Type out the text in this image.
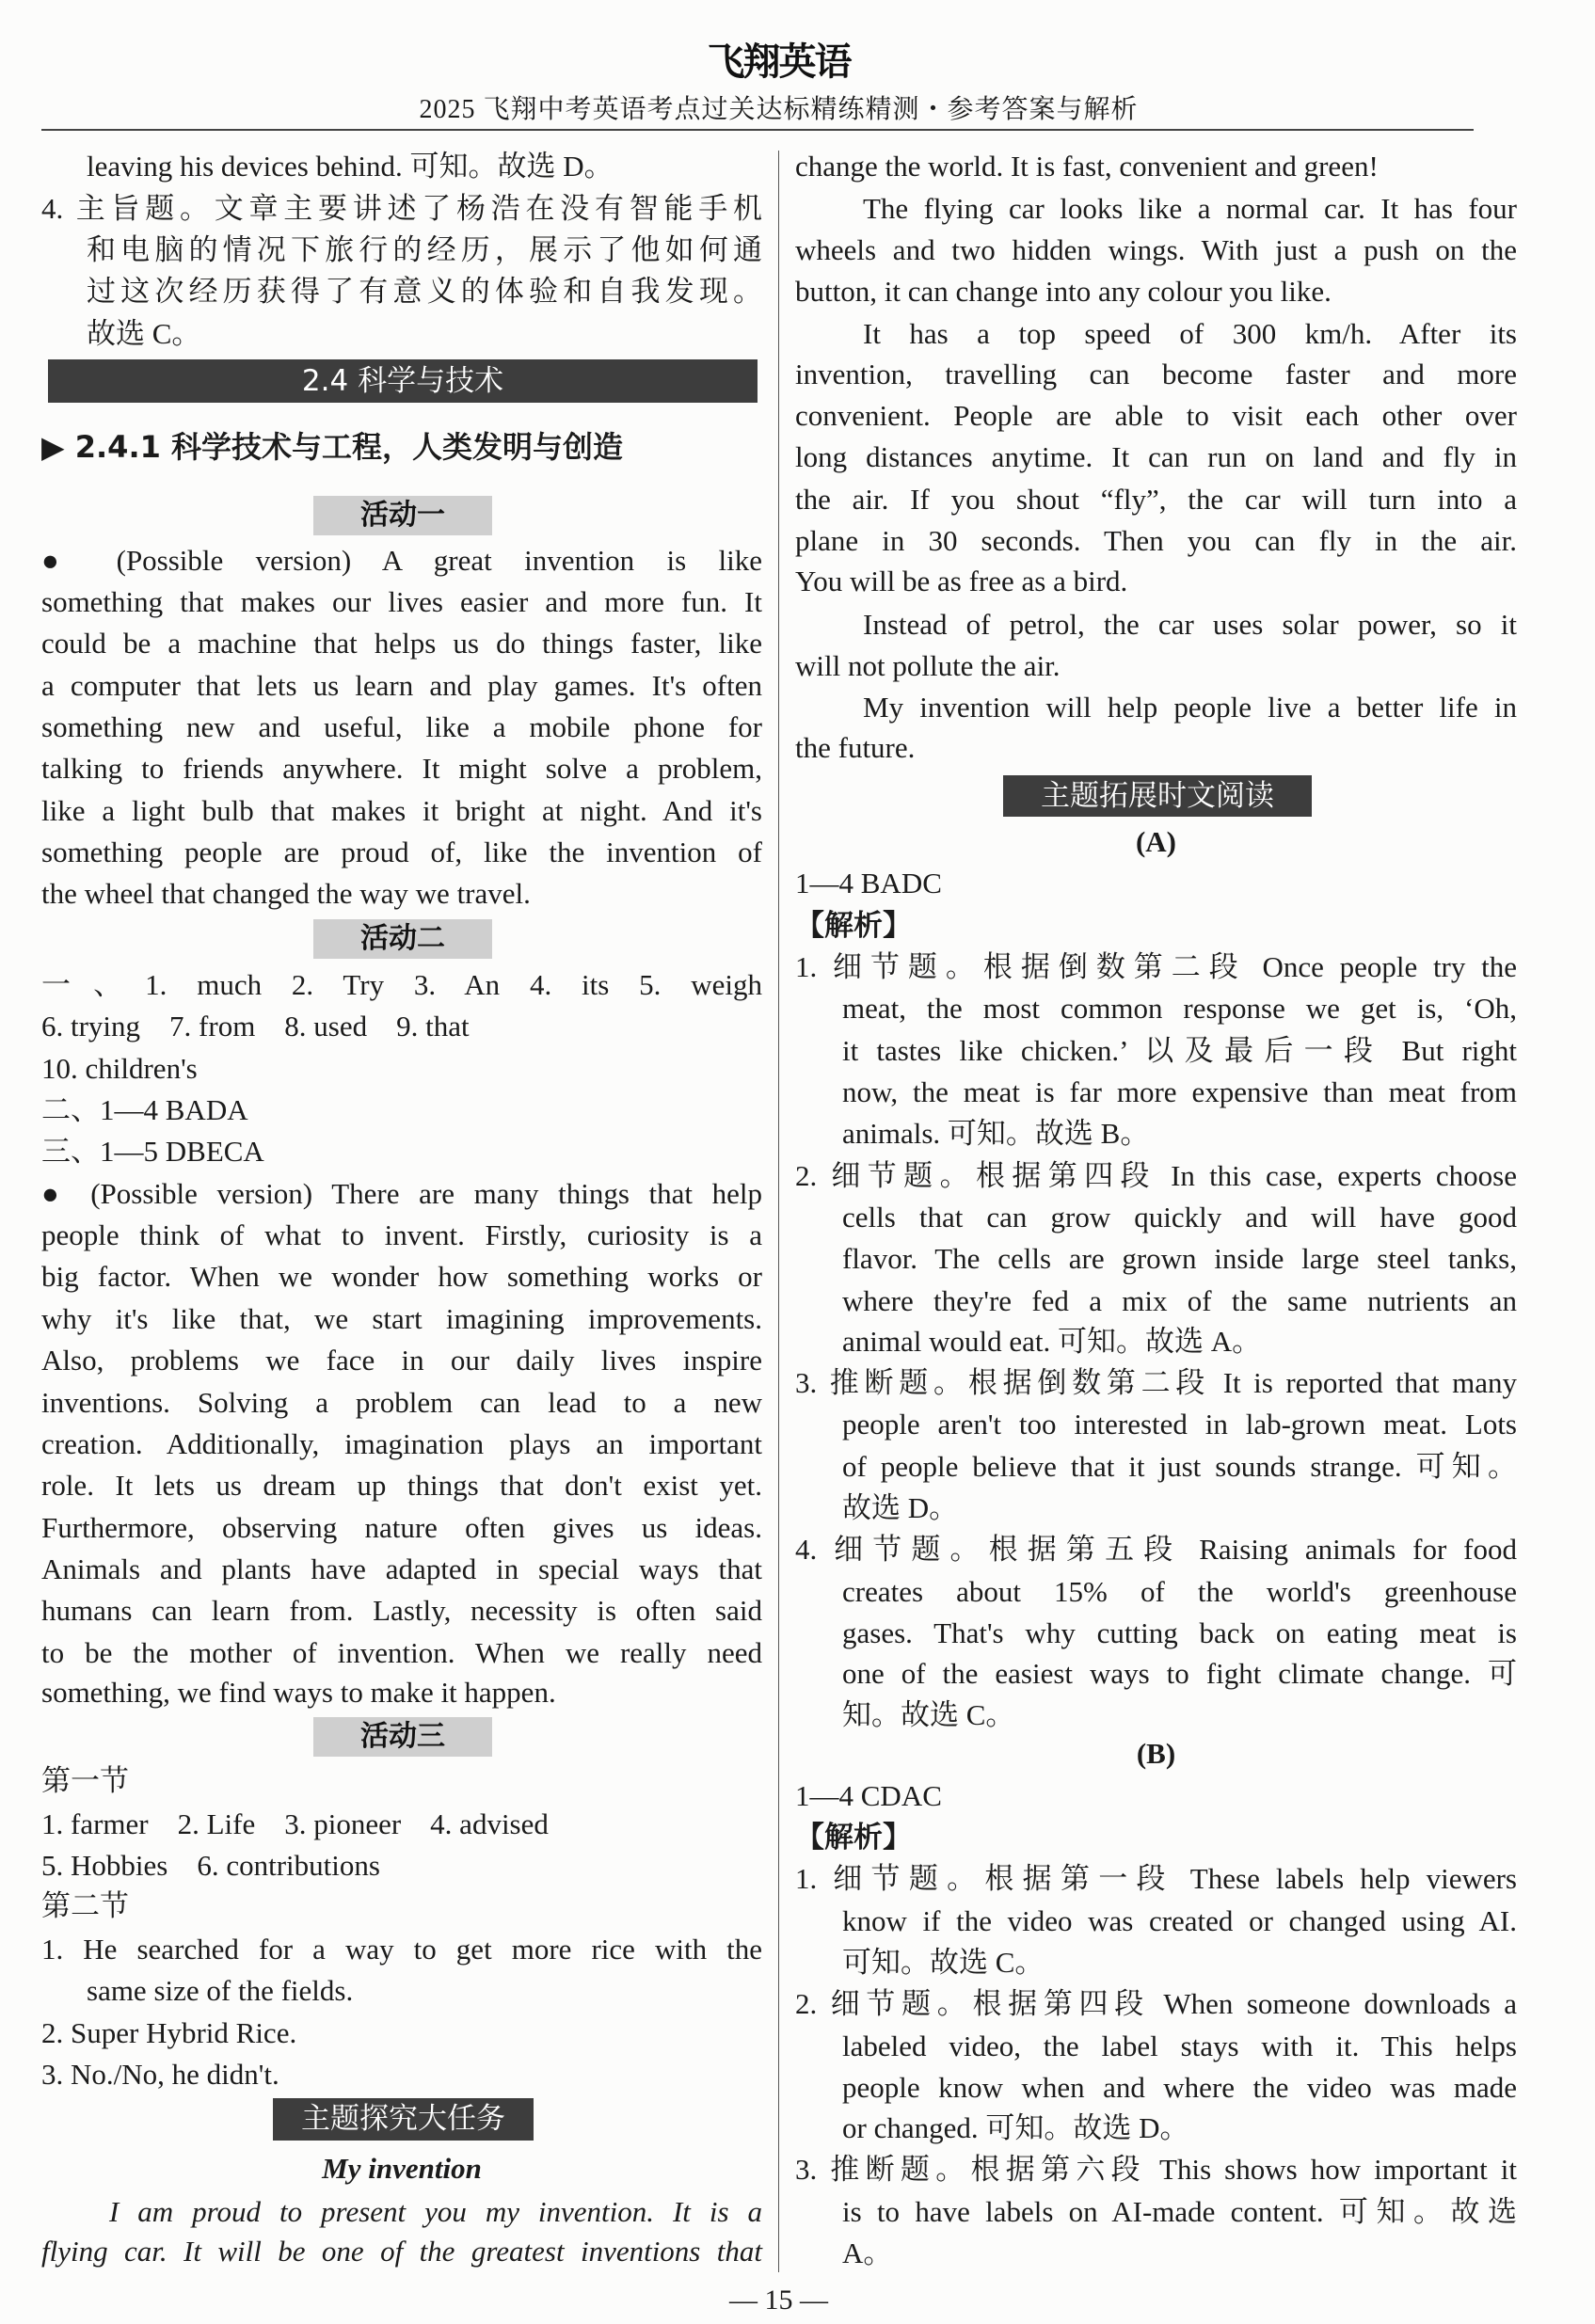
飞翔英语
2025 飞翔中考英语考点过关达标精练精测・参考答案与解析
2.4 科学与技术
▶ 2.4.1 科学技术与工程，人类发明与创造
活动一
活动二
活动三
主题探究大任务
主题拓展时文阅读
leaving his devices behind. 可知。故选 D。
4. 主旨题。文章主要讲述了杨浩在没有智能手机
和电脑的情况下旅行的经历，展示了他如何通
过这次经历获得了有意义的体验和自我发现。
故选 C。
● (Possible version) A great invention is like
something that makes our lives easier and more fun. It
could be a machine that helps us do things faster, like
a computer that lets us learn and play games. It's often
something new and useful, like a mobile phone for
talking to friends anywhere. It might solve a problem,
like a light bulb that makes it bright at night. And it's
something people are proud of, like the invention of
the wheel that changed the way we travel.
一、1. much 2. Try 3. An 4. its 5. weigh
6. trying    7. from    8. used    9. that
10. children's
二、1—4 BADA
三、1—5 DBECA
● (Possible version) There are many things that help
people think of what to invent. Firstly, curiosity is a
big factor. When we wonder how something works or
why it's like that, we start imagining improvements.
Also, problems we face in our daily lives inspire
inventions. Solving a problem can lead to a new
creation. Additionally, imagination plays an important
role. It lets us dream up things that don't exist yet.
Furthermore, observing nature often gives us ideas.
Animals and plants have adapted in special ways that
humans can learn from. Lastly, necessity is often said
to be the mother of invention. When we really need
something, we find ways to make it happen.
第一节
1. farmer    2. Life    3. pioneer    4. advised
5. Hobbies    6. contributions
第二节
1. He searched for a way to get more rice with the
same size of the fields.
2. Super Hybrid Rice.
3. No./No, he didn't.
My invention
I am proud to present you my invention. It is a
flying car. It will be one of the greatest inventions that
change the world. It is fast, convenient and green!
The flying car looks like a normal car. It has four
wheels and two hidden wings. With just a push on the
button, it can change into any colour you like.
It has a top speed of 300 km/h. After its
invention, travelling can become faster and more
convenient. People are able to visit each other over
long distances anytime. It can run on land and fly in
the air. If you shout “fly”, the car will turn into a
plane in 30 seconds. Then you can fly in the air.
You will be as free as a bird.
Instead of petrol, the car uses solar power, so it
will not pollute the air.
My invention will help people live a better life in
the future.
(A)
1—4 BADC
【解析】
1. 细节题。根据倒数第二段 Once people try the
meat, the most common response we get is, ‘Oh,
it tastes like chicken.’ 以及最后一段 But right
now, the meat is far more expensive than meat from
animals. 可知。故选 B。
2. 细节题。根据第四段 In this case, experts choose
cells that can grow quickly and will have good
flavor. The cells are grown inside large steel tanks,
where they're fed a mix of the same nutrients an
animal would eat. 可知。故选 A。
3. 推断题。根据倒数第二段 It is reported that many
people aren't too interested in lab-grown meat. Lots
of people believe that it just sounds strange. 可知。
故选 D。
4. 细节题。根据第五段 Raising animals for food
creates about 15% of the world's greenhouse
gases. That's why cutting back on eating meat is
one of the easiest ways to fight climate change. 可
知。故选 C。
(B)
1—4 CDAC
【解析】
1. 细节题。根据第一段 These labels help viewers
know if the video was created or changed using AI.
可知。故选 C。
2. 细节题。根据第四段 When someone downloads a
labeled video, the label stays with it. This helps
people know when and where the video was made
or changed. 可知。故选 D。
3. 推断题。根据第六段 This shows how important it
is to have labels on AI-made content. 可知。故选
A。
— 15 —
